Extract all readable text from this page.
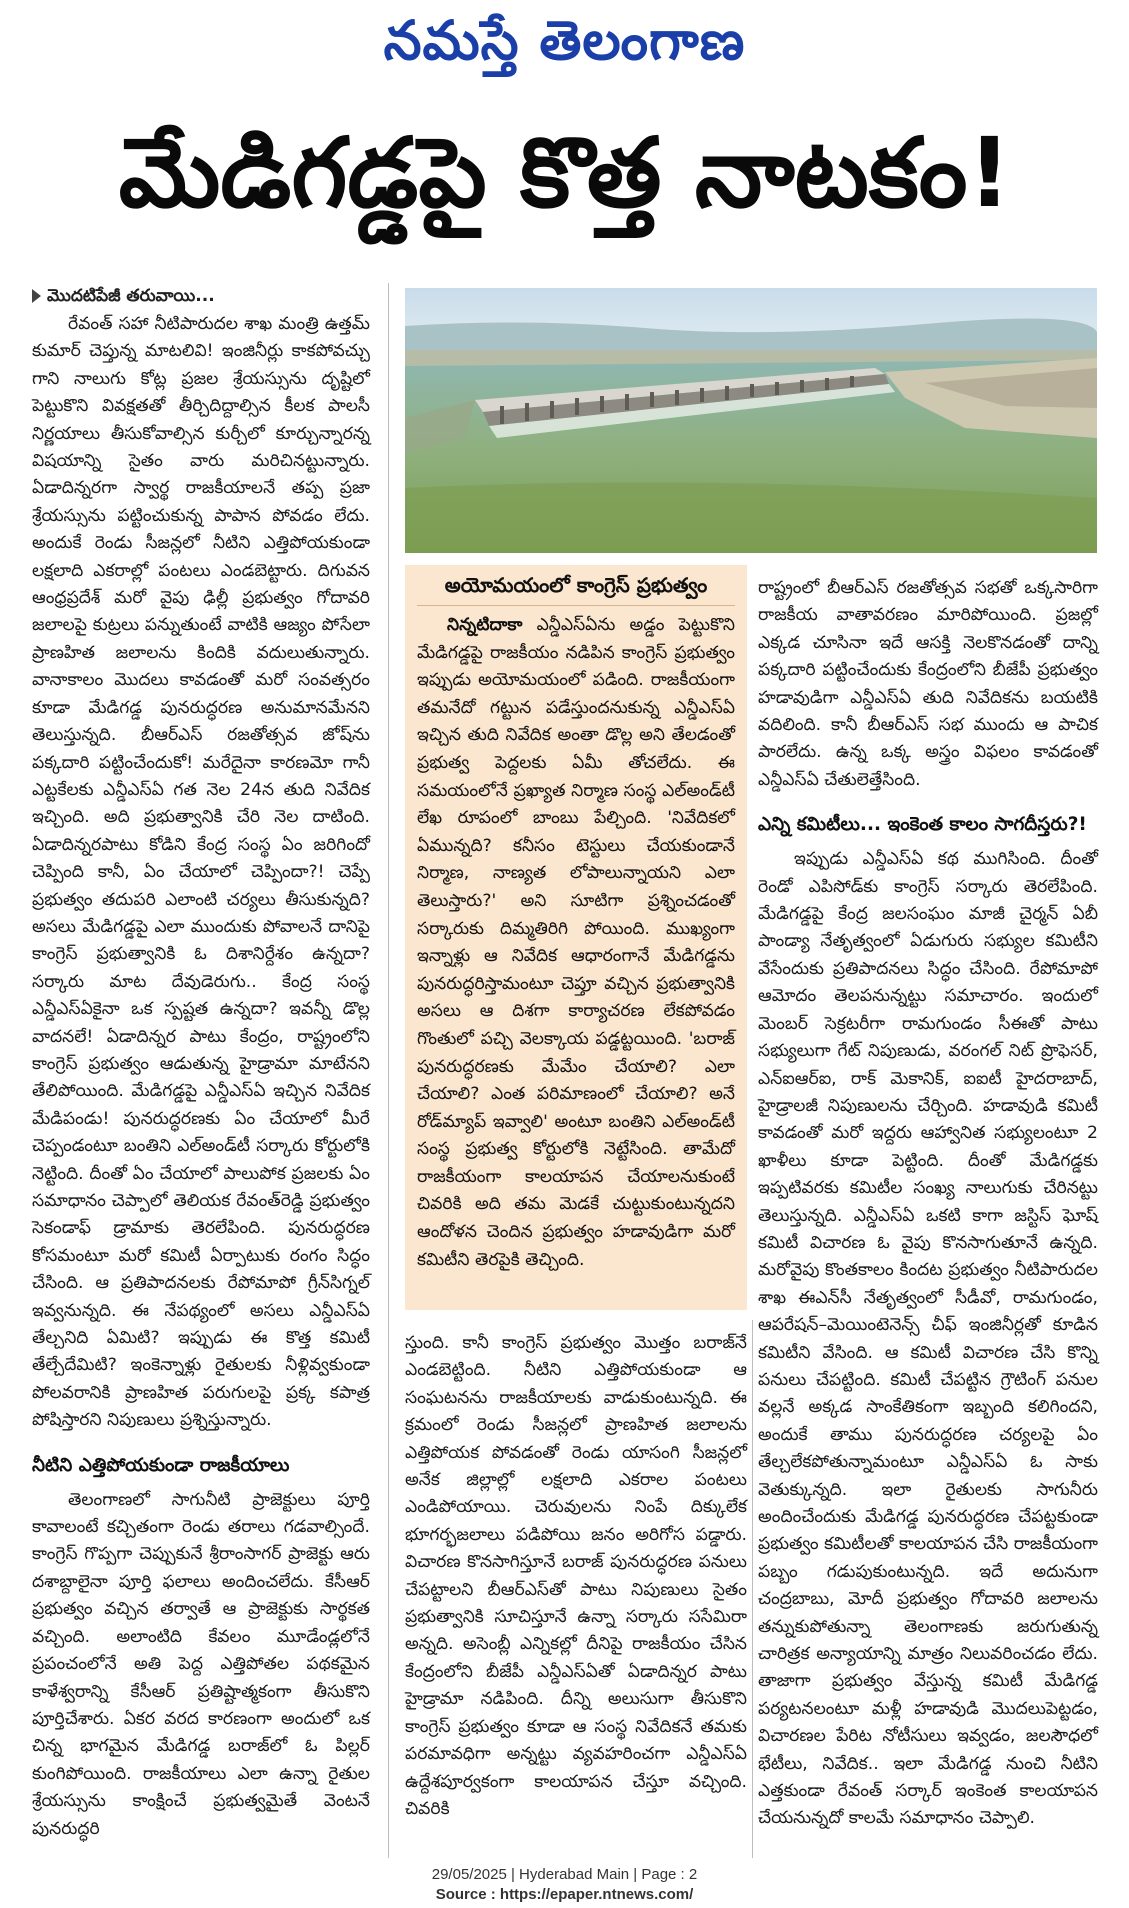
నమస్తే తెలంగాణ
మేడిగడ్డపై కొత్త నాటకం!
మొదటిపేజీ తరువాయి...

రేవంత్ సహా నీటిపారుదల శాఖ మంత్రి ఉత్తమ్ కుమార్ చెప్తున్న మాటలివి! ఇంజినీర్లు కాకపోవచ్చు గాని నాలుగు కోట్ల ప్రజల శ్రేయస్సును దృష్టిలో పెట్టుకొని వివక్షతతో తీర్చిదిద్దాల్సిన కీలక పాలసీ నిర్ణయాలు తీసుకోవాల్సిన కుర్చీలో కూర్చున్నారన్న విషయాన్ని సైతం వారు మరిచినట్టున్నారు. ఏడాదిన్నరగా స్వార్థ రాజకీయాలనే తప్ప ప్రజా శ్రేయస్సును పట్టించుకున్న పాపాన పోవడం లేదు. అందుకే రెండు సీజన్లలో నీటిని ఎత్తిపోయకుండా లక్షలాది ఎకరాల్లో పంటలు ఎండబెట్టారు. దిగువన ఆంధ్రప్రదేశ్ మరో వైపు ఢిల్లీ ప్రభుత్వం గోదావరి జలాలపై కుట్రలు పన్నుతుంటే వాటికి ఆజ్యం పోసేలా ప్రాణహిత జలాలను కిందికి వదులుతున్నారు. వానాకాలం మొదలు కావడంతో మరో సంవత్సరం కూడా మేడిగడ్డ పునరుద్ధరణ అనుమానమేనని తెలుస్తున్నది. బీఆర్ఎస్ రజతోత్సవ జోష్‌ను పక్కదారి పట్టించేందుకో! మరేదైనా కారణమో గానీ ఎట్టకేలకు ఎన్డీఎస్ఏ గత నెల 24న తుది నివేదిక ఇచ్చింది. అది ప్రభుత్వానికి చేరి నెల దాటింది. ఏడాదిన్నరపాటు కోడిని కేంద్ర సంస్థ ఏం జరిగిందో చెప్పింది కానీ, ఏం చేయాలో చెప్పిందా?! చెప్పే ప్రభుత్వం తదుపరి ఎలాంటి చర్యలు తీసుకున్నది? అసలు మేడిగడ్డపై ఎలా ముందుకు పోవాలనే దానిపై కాంగ్రెస్ ప్రభుత్వానికి ఓ దిశానిర్దేశం ఉన్నదా? సర్కారు మాట దేవుడెరుగు.. కేంద్ర సంస్థ ఎన్డీఎస్ఏకైనా ఒక స్పష్టత ఉన్నదా? ఇవన్నీ డొల్ల వాదనలే! ఏడాదిన్నర పాటు కేంద్రం, రాష్ట్రంలోని కాంగ్రెస్ ప్రభుత్వం ఆడుతున్న హైడ్రామా మాటేనని తేలిపోయింది. మేడిగడ్డపై ఎన్డీఎస్ఏ ఇచ్చిన నివేదిక మేడిపండు! పునరుద్ధరణకు ఏం చేయాలో మీరే చెప్పండంటూ బంతిని ఎల్అండ్‌టీ సర్కారు కోర్టులోకి నెట్టింది. దీంతో ఏం చేయాలో పాలుపోక ప్రజలకు ఏం సమాధానం చెప్పాలో తెలియక రేవంత్‌రెడ్డి ప్రభుత్వం సెకండాఫ్ డ్రామాకు తెరలేపింది. పునరుద్ధరణ కోసమంటూ మరో కమిటీ ఏర్పాటుకు రంగం సిద్ధం చేసింది. ఆ ప్రతిపాదనలకు రేపోమాపో గ్రీన్‌సిగ్నల్ ఇవ్వనున్నది. ఈ నేపథ్యంలో అసలు ఎన్డీఎస్ఏ తేల్చనిది ఏమిటి? ఇప్పుడు ఈ కొత్త కమిటీ తేల్చేదేమిటి? ఇంకెన్నాళ్లు రైతులకు నీళ్లివ్వకుండా పోలవరానికి ప్రాణహిత పరుగులపై ప్రక్క కపాత్ర పోషిస్తారని నిపుణులు ప్రశ్నిస్తున్నారు.

నీటిని ఎత్తిపోయకుండా రాజకీయాలు

తెలంగాణలో సాగునీటి ప్రాజెక్టులు పూర్తి కావాలంటే కచ్చితంగా రెండు తరాలు గడవాల్సిందే. కాంగ్రెస్ గొప్పగా చెప్పుకునే శ్రీరాంసాగర్ ప్రాజెక్టు ఆరు దశాబ్దాలైనా పూర్తి ఫలాలు అందించలేదు. కేసీఆర్ ప్రభుత్వం వచ్చిన తర్వాతే ఆ ప్రాజెక్టుకు సార్థకత వచ్చింది. అలాంటిది కేవలం మూడేండ్లలోనే ప్రపంచంలోనే అతి పెద్ద ఎత్తిపోతల పథకమైన కాళేశ్వరాన్ని కేసీఆర్ ప్రతిష్టాత్మకంగా తీసుకొని పూర్తిచేశారు. ఏకర వరద కారణంగా అందులో ఒక చిన్న భాగమైన మేడిగడ్డ బరాజ్‌లో ఓ పిల్లర్ కుంగిపోయింది. రాజకీయాలు ఎలా ఉన్నా రైతుల శ్రేయస్సును కాంక్షించే ప్రభుత్వమైతే వెంటనే పునరుద్ధరి

అయోమయంలో కాంగ్రెస్ ప్రభుత్వం

నిన్నటిదాకా ఎన్డీఎస్ఏను అడ్డం పెట్టుకొని మేడిగడ్డపై రాజకీయం నడిపిన కాంగ్రెస్ ప్రభుత్వం ఇప్పుడు అయోమయంలో పడింది. రాజకీయంగా తమనేదో గట్టున పడేస్తుందనుకున్న ఎన్డీఎస్ఏ ఇచ్చిన తుది నివేదిక అంతా డొల్ల అని తేలడంతో ప్రభుత్వ పెద్దలకు ఏమీ తోచలేదు. ఈ సమయంలోనే ప్రఖ్యాత నిర్మాణ సంస్థ ఎల్అండ్‌టీ లేఖ రూపంలో బాంబు పేల్చింది. 'నివేదికలో ఏమున్నది? కనీసం టెస్టులు చేయకుండానే నిర్మాణ, నాణ్యత లోపాలున్నాయని ఎలా తెలుస్తారు?' అని సూటిగా ప్రశ్నించడంతో సర్కారుకు దిమ్మతిరిగి పోయింది. ముఖ్యంగా ఇన్నాళ్లు ఆ నివేదిక ఆధారంగానే మేడిగడ్డను పునరుద్ధరిస్తామంటూ చెప్తూ వచ్చిన ప్రభుత్వానికి అసలు ఆ దిశగా కార్యాచరణ లేకపోవడం గొంతులో పచ్చి వెలక్కాయ పడ్డట్టయింది. 'బరాజ్ పునరుద్ధరణకు మేమేం చేయాలి? ఎలా చేయాలి? ఎంత పరిమాణంలో చేయాలి? అనే రోడ్‌మ్యాప్ ఇవ్వాలి' అంటూ బంతిని ఎల్అండ్‌టీ సంస్థ ప్రభుత్వ కోర్టులోకి నెట్టేసింది. తామేదో రాజకీయంగా కాలయాపన చేయాలనుకుంటే చివరికి అది తమ మెడకే చుట్టుకుంటున్నదని ఆందోళన చెందిన ప్రభుత్వం హడావుడిగా మరో కమిటీని తెరపైకి తెచ్చింది.

స్తుంది. కానీ కాంగ్రెస్ ప్రభుత్వం మొత్తం బరాజ్‌నే ఎండబెట్టింది. నీటిని ఎత్తిపోయకుండా ఆ సంఘటనను రాజకీయాలకు వాడుకుంటున్నది. ఈ క్రమంలో రెండు సీజన్లలో ప్రాణహిత జలాలను ఎత్తిపోయక పోవడంతో రెండు యాసంగి సీజన్లలో అనేక జిల్లాల్లో లక్షలాది ఎకరాల పంటలు ఎండిపోయాయి. చెరువులను నింపే దిక్కులేక భూగర్భజలాలు పడిపోయి జనం అరిగోస పడ్డారు. విచారణ కొనసాగిస్తూనే బరాజ్ పునరుద్ధరణ పనులు చేపట్టాలని బీఆర్ఎస్‌తో పాటు నిపుణులు సైతం ప్రభుత్వానికి సూచిస్తూనే ఉన్నా సర్కారు ససేమిరా అన్నది. అసెంబ్లీ ఎన్నికల్లో దీనిపై రాజకీయం చేసిన కేంద్రంలోని బీజేపీ ఎన్డీఎస్ఏతో ఏడాదిన్నర పాటు హైడ్రామా నడిపింది. దీన్ని అలుసుగా తీసుకొని కాంగ్రెస్ ప్రభుత్వం కూడా ఆ సంస్థ నివేదికనే తమకు పరమావధిగా అన్నట్టు వ్యవహరించగా ఎన్డీఎస్ఏ ఉద్దేశపూర్వకంగా కాలయాపన చేస్తూ వచ్చింది. చివరికి

రాష్ట్రంలో బీఆర్ఎస్ రజతోత్సవ సభతో ఒక్కసారిగా రాజకీయ వాతావరణం మారిపోయింది. ప్రజల్లో ఎక్కడ చూసినా ఇదే ఆసక్తి నెలకొనడంతో దాన్ని పక్కదారి పట్టించేందుకు కేంద్రంలోని బీజేపీ ప్రభుత్వం హడావుడిగా ఎన్డీఎస్ఏ తుది నివేదికను బయటికి వదిలింది. కానీ బీఆర్ఎస్ సభ ముందు ఆ పాచిక పారలేదు. ఉన్న ఒక్క అస్త్రం విఫలం కావడంతో ఎన్డీఎస్ఏ చేతులెత్తేసింది.

ఎన్ని కమిటీలు... ఇంకెంత కాలం సాగదీస్తరు?!

ఇప్పుడు ఎన్డీఎస్ఏ కథ ముగిసింది. దీంతో రెండో ఎపిసోడ్‌కు కాంగ్రెస్ సర్కారు తెరలేపింది. మేడిగడ్డపై కేంద్ర జలసంఘం మాజీ చైర్మన్ ఏబీ పాండ్యా నేతృత్వంలో ఏడుగురు సభ్యుల కమిటీని వేసేందుకు ప్రతిపాదనలు సిద్ధం చేసింది. రేపోమాపో ఆమోదం తెలపనున్నట్టు సమాచారం. ఇందులో మెంబర్ సెక్రటరీగా రామగుండం సీఈతో పాటు సభ్యులుగా గేట్ నిపుణుడు, వరంగల్ నిట్ ప్రొఫెసర్, ఎన్ఐఆర్ఐ, రాక్ మెకానిక్, ఐఐటీ హైదరాబాద్, హైడ్రాలజీ నిపుణులను చేర్చింది. హడావుడి కమిటీ కావడంతో మరో ఇద్దరు ఆహ్వానిత సభ్యులంటూ 2 ఖాళీలు కూడా పెట్టింది. దీంతో మేడిగడ్డకు ఇప్పటివరకు కమిటీల సంఖ్య నాలుగుకు చేరినట్టు తెలుస్తున్నది. ఎన్డీఎస్ఏ ఒకటి కాగా జస్టిస్ ఘోష్ కమిటీ విచారణ ఓ వైపు కొనసాగుతూనే ఉన్నది. మరోవైపు కొంతకాలం కిందట ప్రభుత్వం నీటిపారుదల శాఖ ఈఎన్‌సీ నేతృత్వంలో సీడీవో, రామగుండం, ఆపరేషన్–మెయింటెనెన్స్ చీఫ్ ఇంజినీర్లతో కూడిన కమిటీని వేసింది. ఆ కమిటీ విచారణ చేసి కొన్ని పనులు చేపట్టింది. కమిటీ చేపట్టిన గ్రౌటింగ్ పనుల వల్లనే అక్కడ సాంకేతికంగా ఇబ్బంది కలిగిందని, అందుకే తాము పునరుద్ధరణ చర్యలపై ఏం తేల్చలేకపోతున్నామంటూ ఎన్డీఎస్ఏ ఓ సాకు వెతుక్కున్నది. ఇలా రైతులకు సాగునీరు అందించేందుకు మేడిగడ్డ పునరుద్ధరణ చేపట్టకుండా ప్రభుత్వం కమిటీలతో కాలయాపన చేసి రాజకీయంగా పబ్బం గడుపుకుంటున్నది. ఇదే అదునుగా చంద్రబాబు, మోదీ ప్రభుత్వం గోదావరి జలాలను తన్నుకుపోతున్నా తెలంగాణకు జరుగుతున్న చారిత్రక అన్యాయాన్ని మాత్రం నిలువరించడం లేదు. తాజాగా ప్రభుత్వం వేస్తున్న కమిటీ మేడిగడ్డ పర్యటనలంటూ మళ్లీ హడావుడి మొదలుపెట్టడం, విచారణల పేరిట నోటీసులు ఇవ్వడం, జలసౌధలో భేటీలు, నివేదిక.. ఇలా మేడిగడ్డ నుంచి నీటిని ఎత్తకుండా రేవంత్ సర్కార్ ఇంకెంత కాలయాపన చేయనున్నదో కాలమే సమాధానం చెప్పాలి.

29/05/2025 | Hyderabad Main | Page : 2
Source : https://epaper.ntnews.com/
